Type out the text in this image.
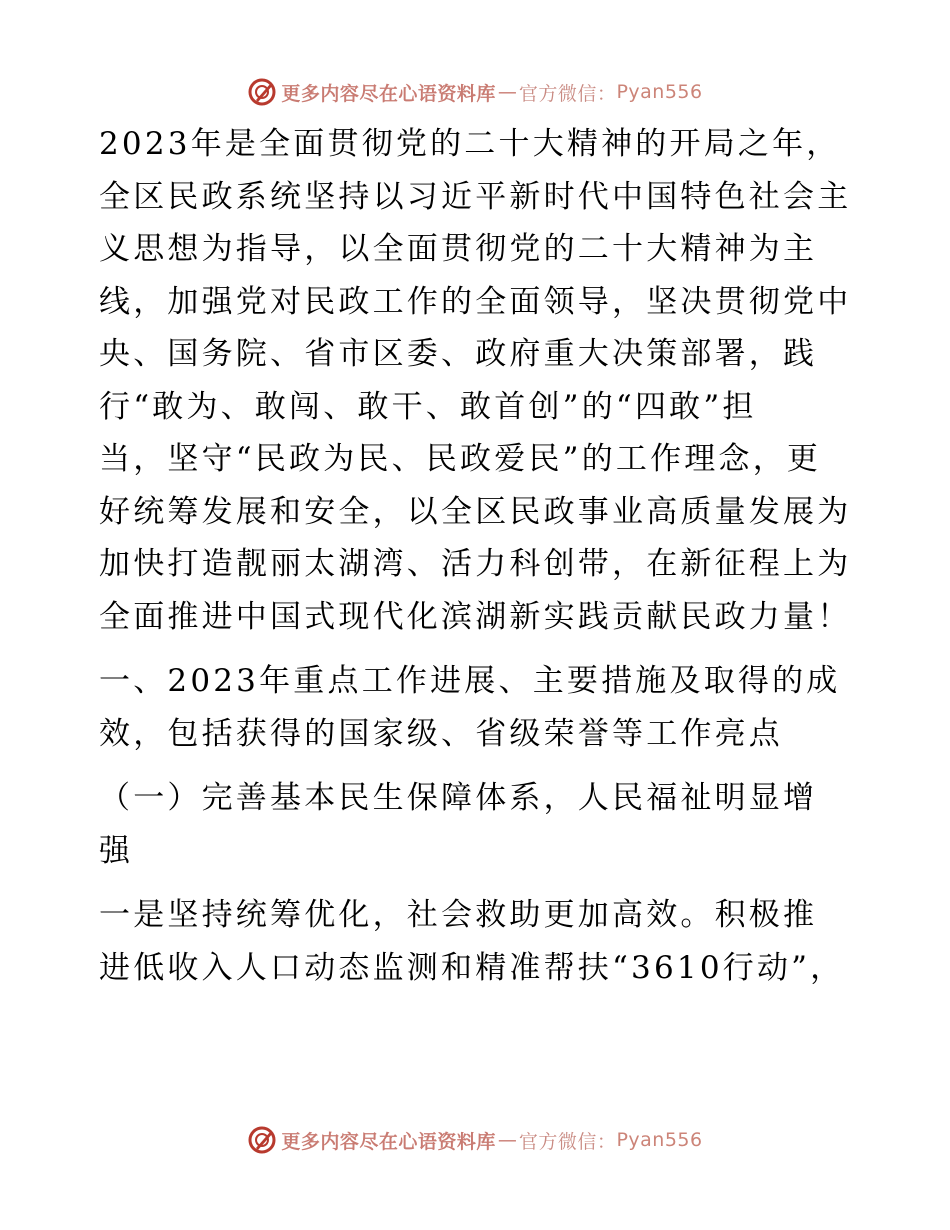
更多内容尽在心语资料库 — 官方微信： Pyan556

2023年是全面贯彻党的二十大精神的开局之年，
全区民政系统坚持以习近平新时代中国特色社会主
义思想为指导，以全面贯彻党的二十大精神为主
线，加强党对民政工作的全面领导，坚决贯彻党中
央、国务院、省市区委、政府重大决策部署，践
行“敢为、敢闯、敢干、敢首创”的“四敢”担
当，坚守“民政为民、民政爱民”的工作理念，更
好统筹发展和安全，以全区民政事业高质量发展为
加快打造靓丽太湖湾、活力科创带，在新征程上为
全面推进中国式现代化滨湖新实践贡献民政力量！

一、2023年重点工作进展、主要措施及取得的成
效，包括获得的国家级、省级荣誉等工作亮点

（一）完善基本民生保障体系，人民福祉明显增
强

一是坚持统筹优化，社会救助更加高效。积极推
进低收入人口动态监测和精准帮扶“3610行动”，

更多内容尽在心语资料库 — 官方微信： Pyan556
